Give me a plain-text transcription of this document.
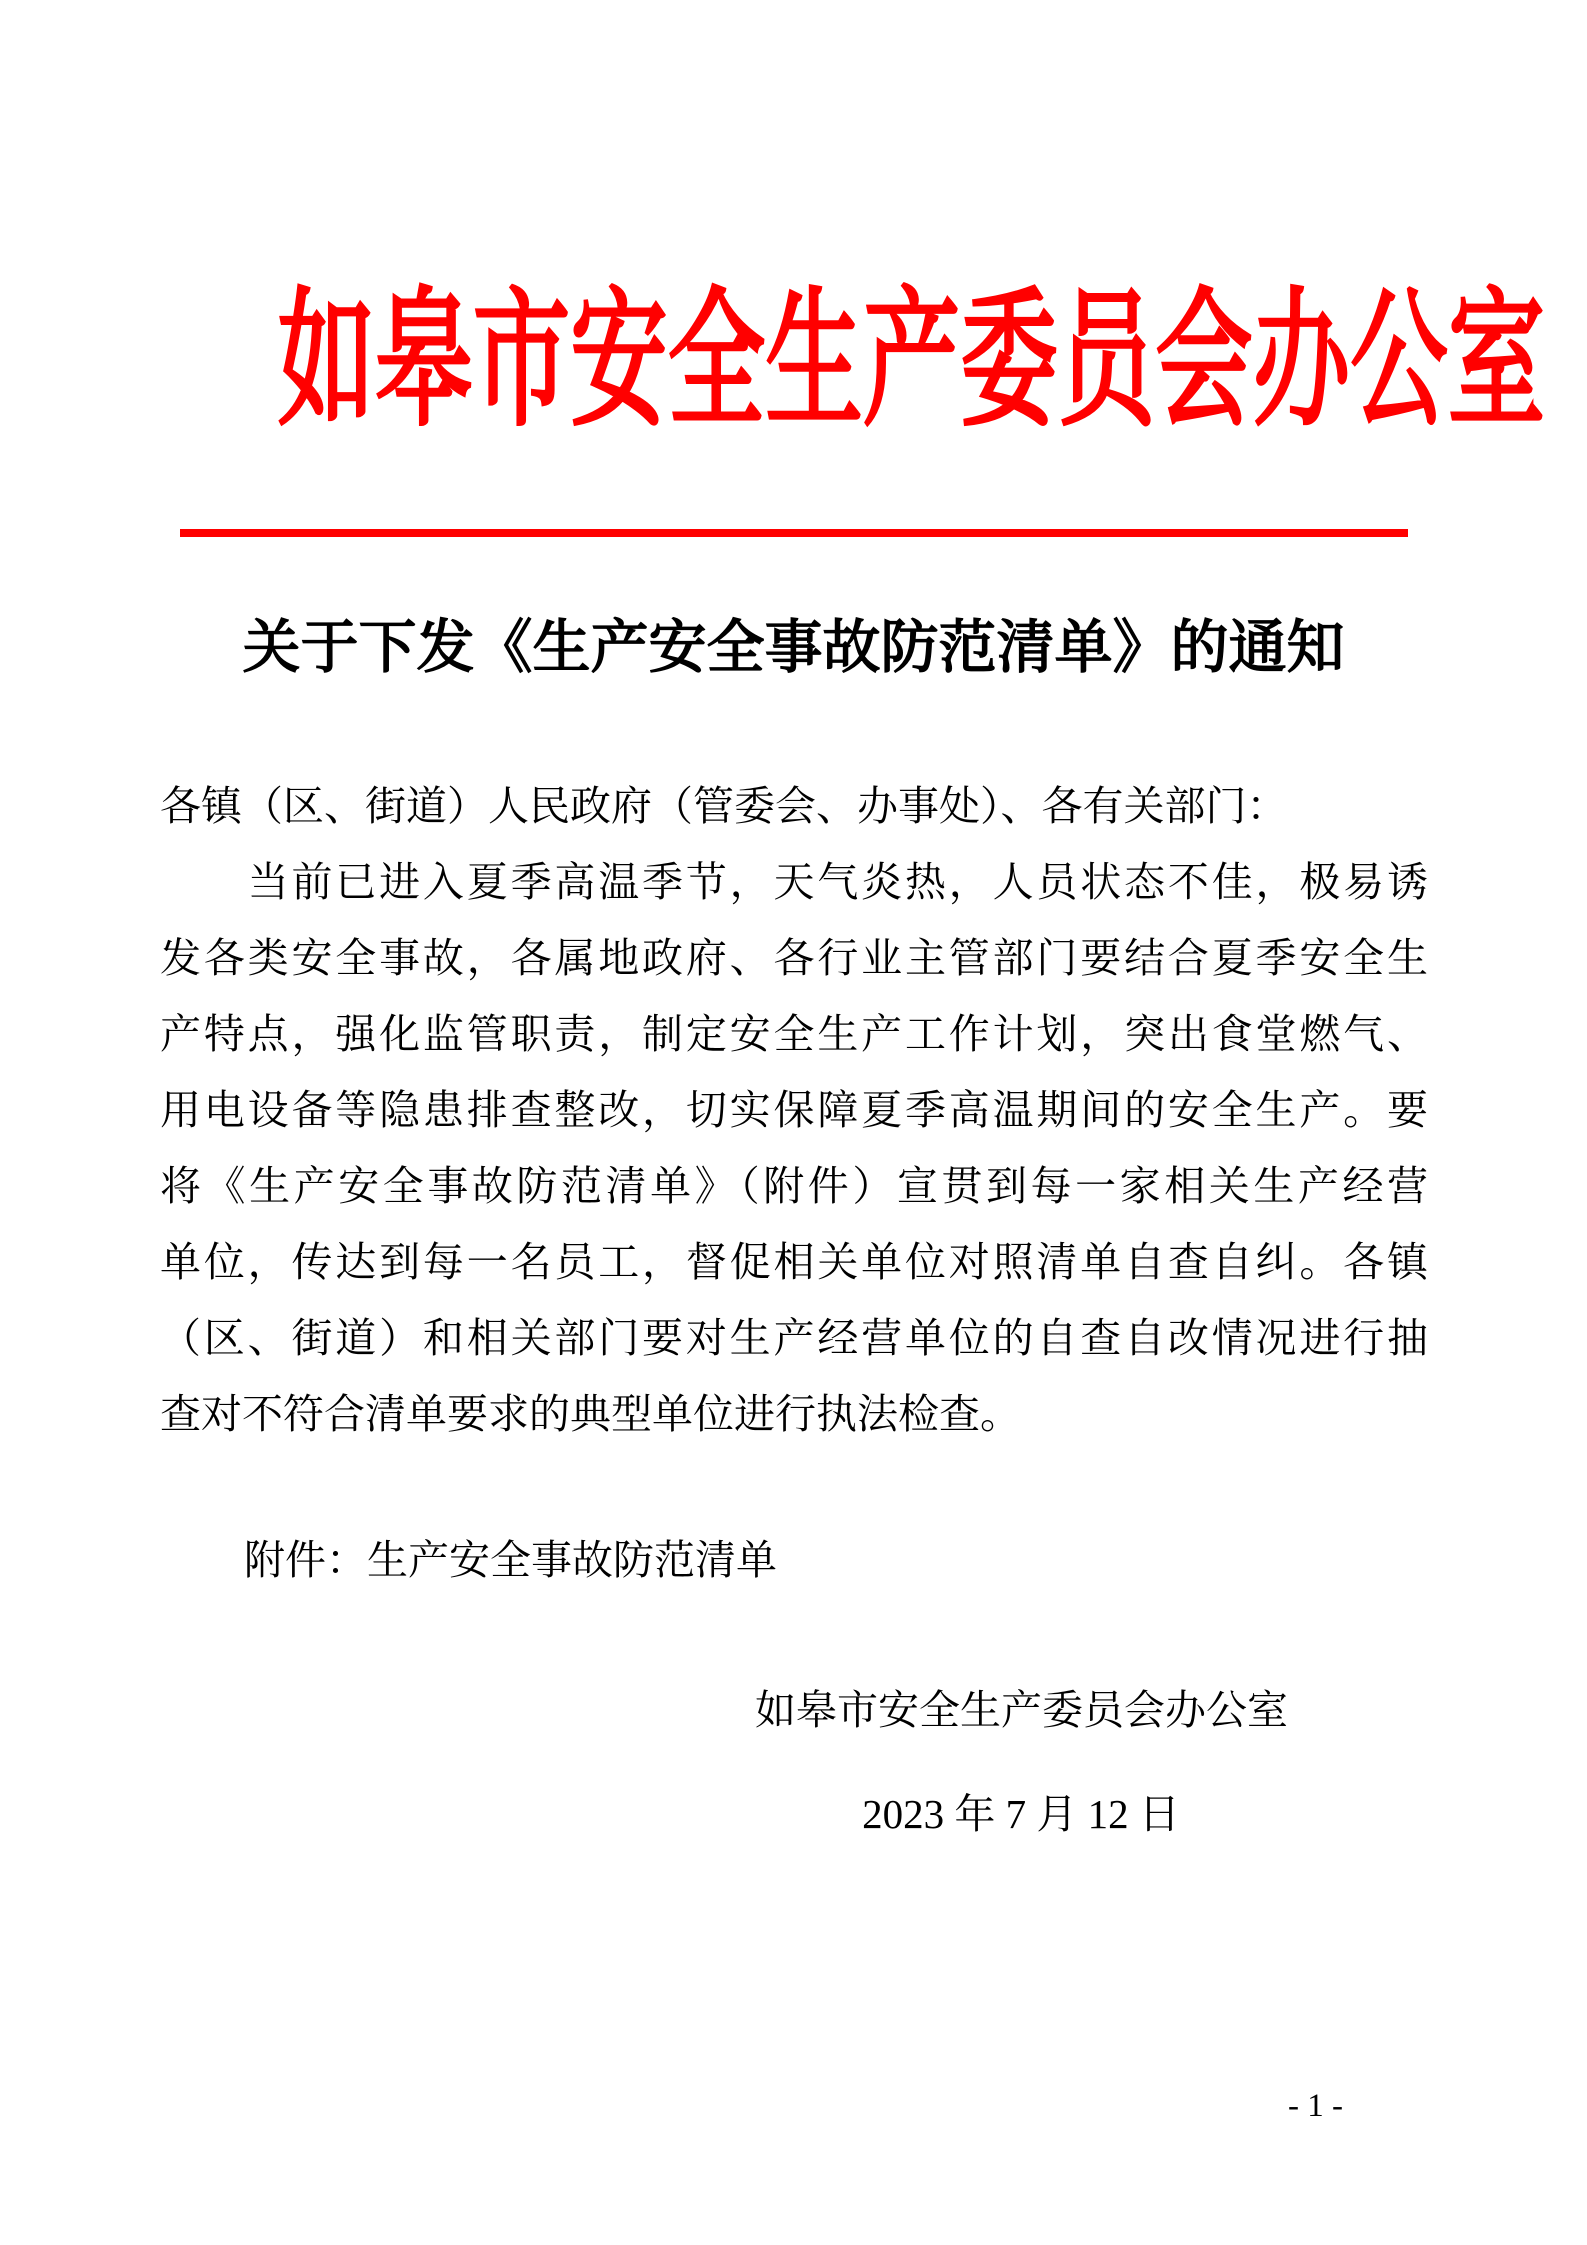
如皋市安全生产委员会办公室
关于下发《生产安全事故防范清单》的通知
各镇（区、街道）人民政府（管委会、办事处）、各有关部门：
　　当前已进入夏季高温季节，天气炎热，人员状态不佳，极易诱
发各类安全事故，各属地政府、各行业主管部门要结合夏季安全生
产特点，强化监管职责，制定安全生产工作计划，突出食堂燃气、
用电设备等隐患排查整改，切实保障夏季高温期间的安全生产。要
将《生产安全事故防范清单》（附件）宣贯到每一家相关生产经营
单位，传达到每一名员工，督促相关单位对照清单自查自纠。各镇
（区、街道）和相关部门要对生产经营单位的自查自改情况进行抽
查对不符合清单要求的典型单位进行执法检查。
附件：生产安全事故防范清单
如皋市安全生产委员会办公室
2023 年 7 月 12 日
- 1 -
